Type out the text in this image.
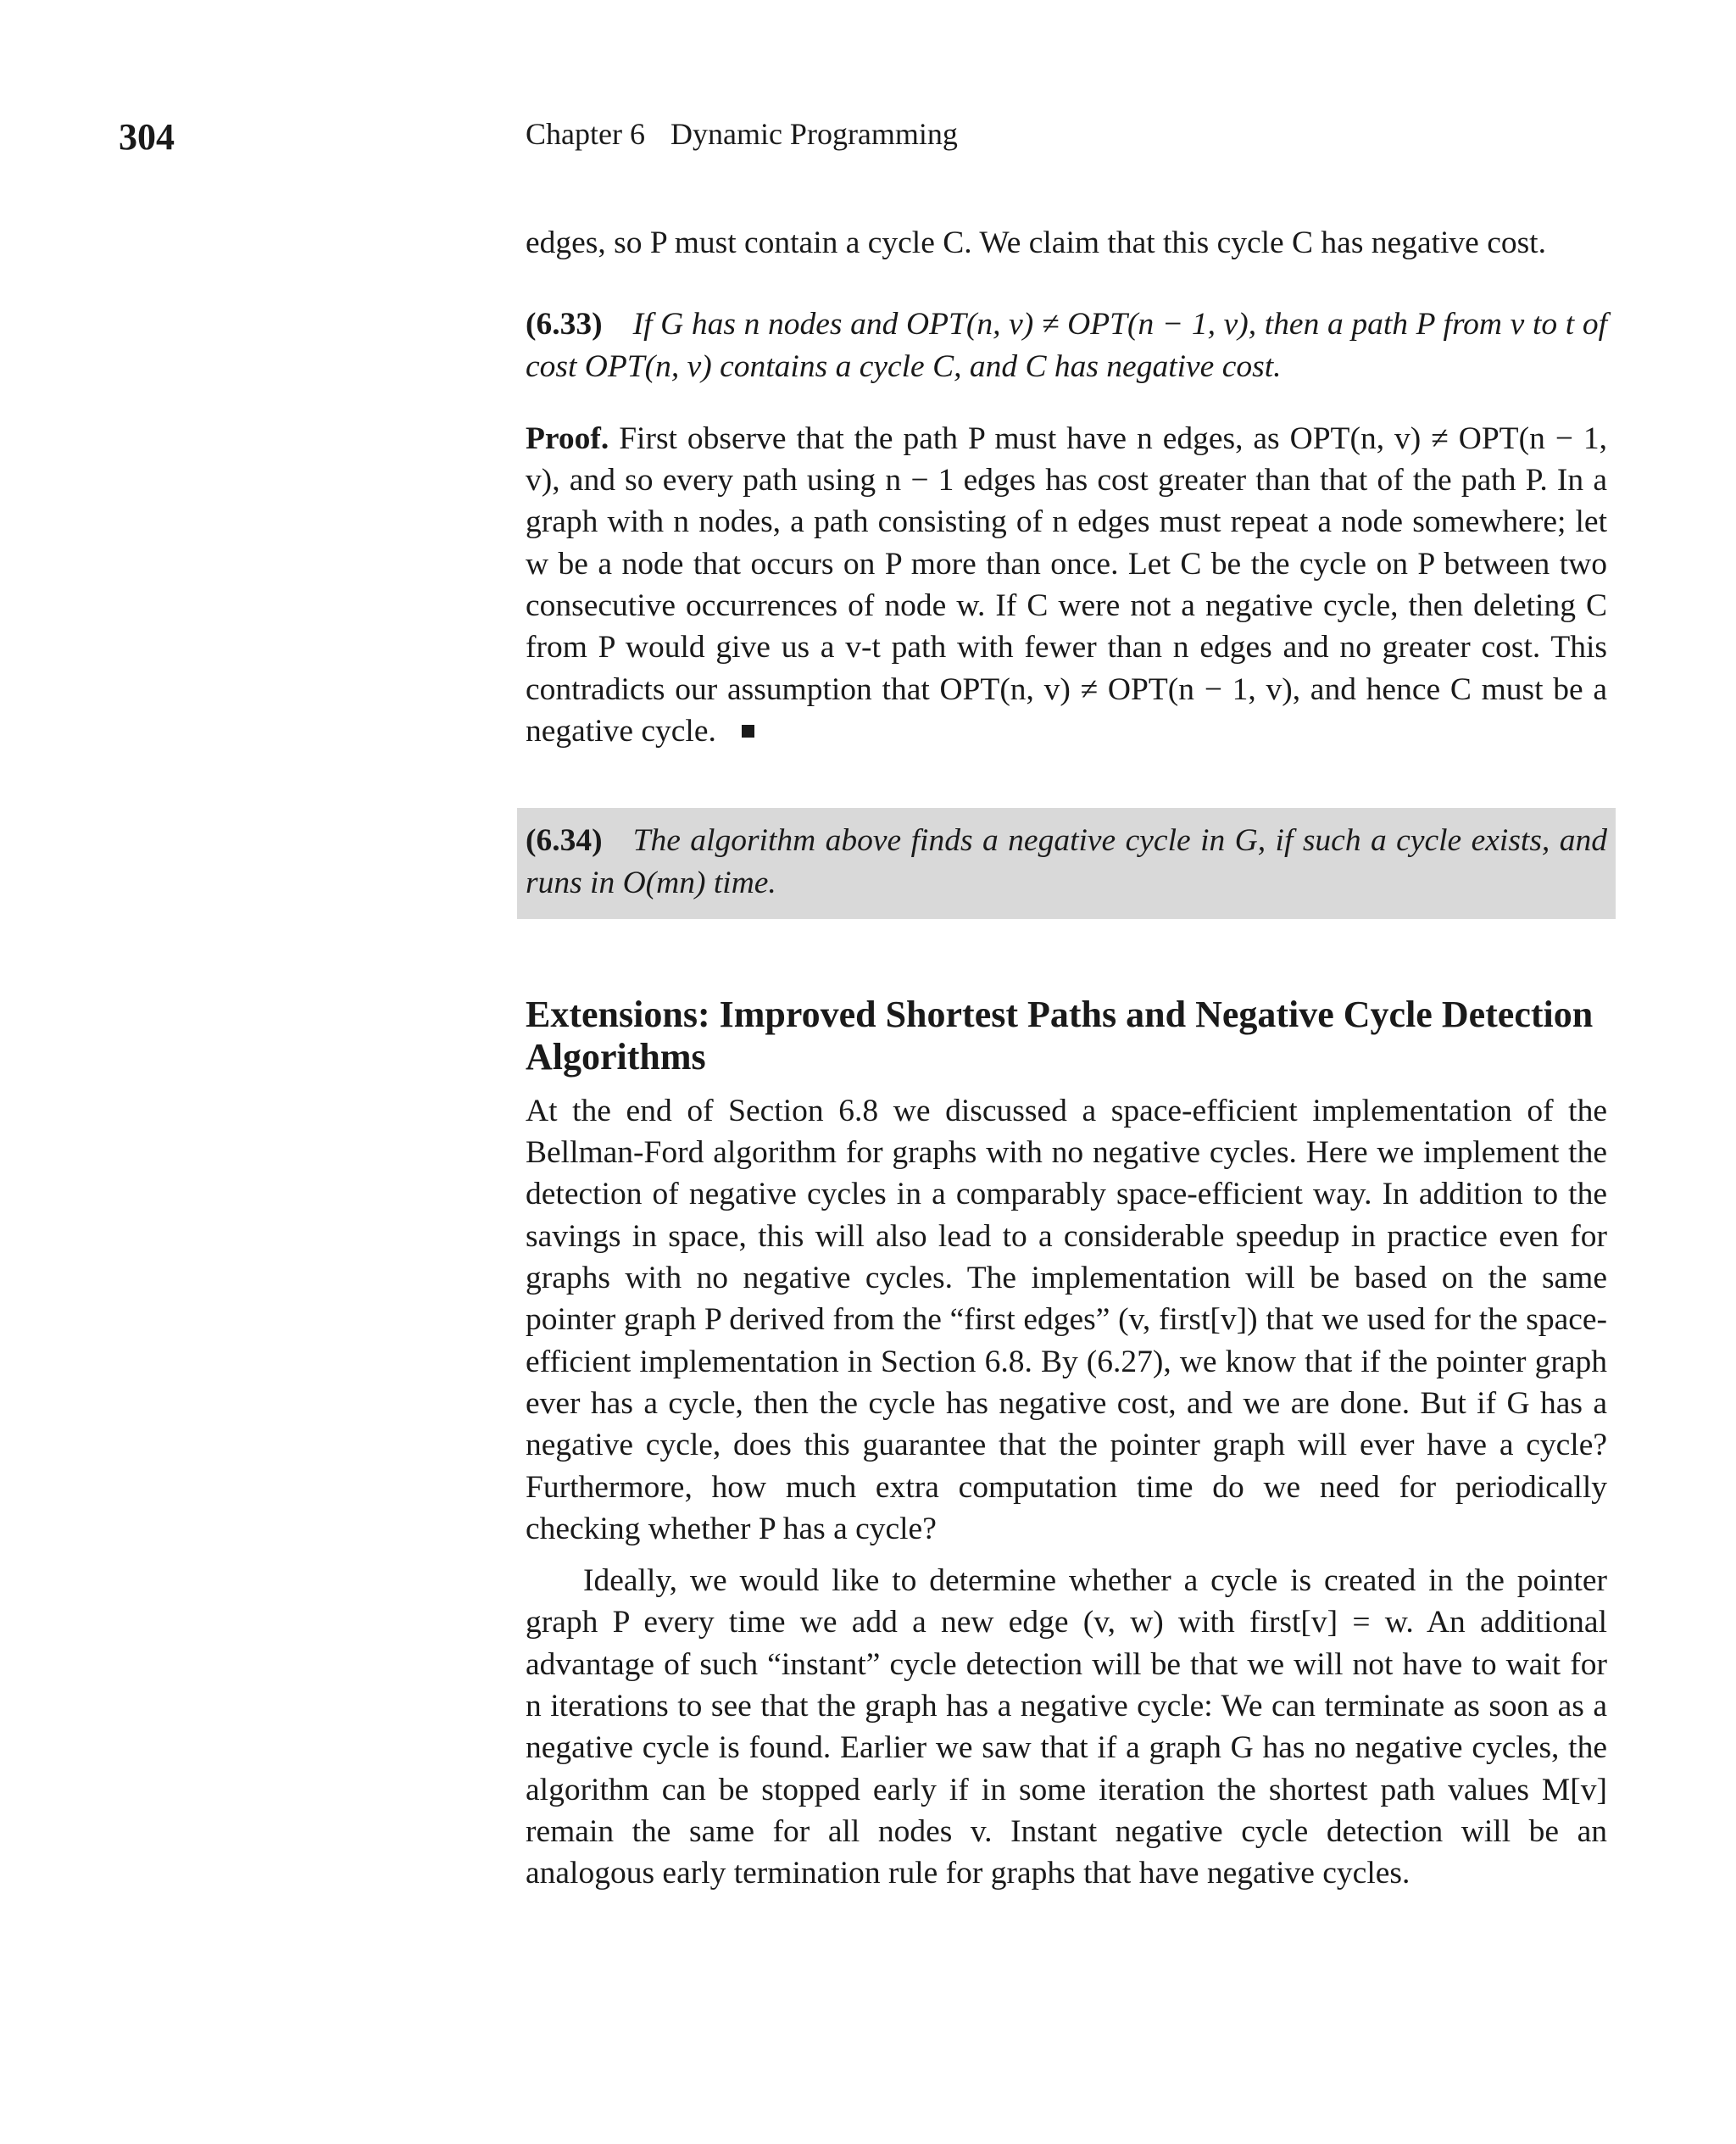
304	Chapter 6 Dynamic Programming

edges, so P must contain a cycle C. We claim that this cycle C has negative cost.

(6.33) If G has n nodes and OPT(n, v) ≠ OPT(n − 1, v), then a path P from v to t of cost OPT(n, v) contains a cycle C, and C has negative cost.

Proof. First observe that the path P must have n edges, as OPT(n, v) ≠ OPT(n − 1, v), and so every path using n − 1 edges has cost greater than that of the path P. In a graph with n nodes, a path consisting of n edges must repeat a node somewhere; let w be a node that occurs on P more than once. Let C be the cycle on P between two consecutive occurrences of node w. If C were not a negative cycle, then deleting C from P would give us a v-t path with fewer than n edges and no greater cost. This contradicts our assumption that OPT(n, v) ≠ OPT(n − 1, v), and hence C must be a negative cycle.

(6.34) The algorithm above finds a negative cycle in G, if such a cycle exists, and runs in O(mn) time.

Extensions: Improved Shortest Paths and Negative Cycle Detection Algorithms

At the end of Section 6.8 we discussed a space-efficient implementation of the Bellman-Ford algorithm for graphs with no negative cycles. Here we implement the detection of negative cycles in a comparably space-efficient way. In addition to the savings in space, this will also lead to a considerable speedup in practice even for graphs with no negative cycles. The implementation will be based on the same pointer graph P derived from the “first edges” (v, first[v]) that we used for the space-efficient implementation in Section 6.8. By (6.27), we know that if the pointer graph ever has a cycle, then the cycle has negative cost, and we are done. But if G has a negative cycle, does this guarantee that the pointer graph will ever have a cycle? Furthermore, how much extra computation time do we need for periodically checking whether P has a cycle?

Ideally, we would like to determine whether a cycle is created in the pointer graph P every time we add a new edge (v, w) with first[v] = w. An additional advantage of such “instant” cycle detection will be that we will not have to wait for n iterations to see that the graph has a negative cycle: We can terminate as soon as a negative cycle is found. Earlier we saw that if a graph G has no negative cycles, the algorithm can be stopped early if in some iteration the shortest path values M[v] remain the same for all nodes v. Instant negative cycle detection will be an analogous early termination rule for graphs that have negative cycles.
